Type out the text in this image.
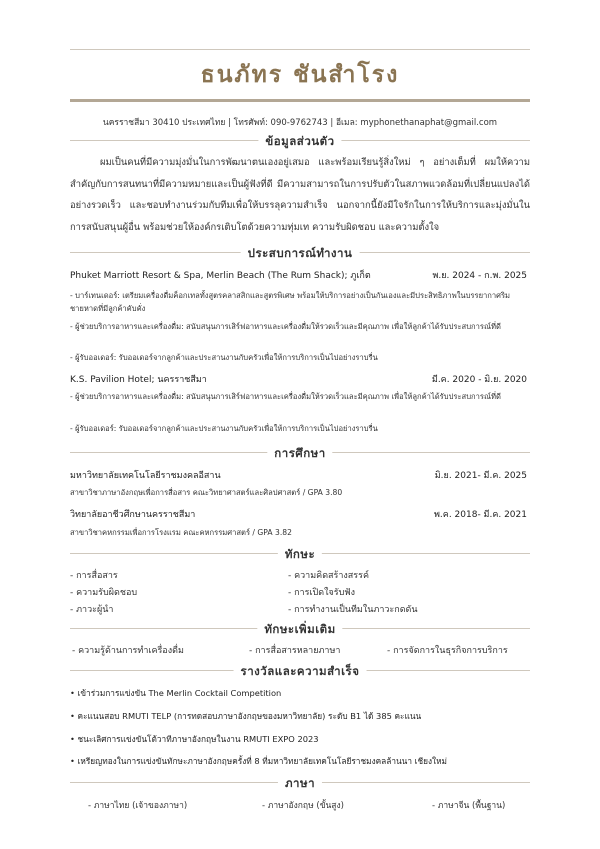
ธนภัทร ชันสำโรง
นครราชสีมา 30410 ประเทศไทย | โทรศัพท์: 090-9762743 | อีเมล: myphonethanaphat@gmail.com
ข้อมูลส่วนตัว
ผมเป็นคนที่มีความมุ่งมั่นในการพัฒนาตนเองอยู่เสมอ และพร้อมเรียนรู้สิ่งใหม่ ๆ อย่างเต็มที่ ผมให้ความสำคัญกับการสนทนาที่มีความหมายและเป็นผู้ฟังที่ดี มีความสามารถในการปรับตัวในสภาพแวดล้อมที่เปลี่ยนแปลงได้อย่างรวดเร็ว และชอบทำงานร่วมกับทีมเพื่อให้บรรลุความสำเร็จ นอกจากนี้ยังมีใจรักในการให้บริการและมุ่งมั่นในการสนับสนุนผู้อื่น พร้อมช่วยให้องค์กรเติบโตด้วยความทุ่มเท ความรับผิดชอบ และความตั้งใจ
ประสบการณ์ทำงาน
Phuket Marriott Resort & Spa, Merlin Beach (The Rum Shack); ภูเก็ต	พ.ย. 2024 - ก.พ. 2025
- บาร์เทนเดอร์: เตรียมเครื่องดื่มค็อกเทลทั้งสูตรคลาสสิกและสูตรพิเศษ พร้อมให้บริการอย่างเป็นกันเองและมีประสิทธิภาพในบรรยากาศริมชายหาดที่มีลูกค้าคับคั่ง
- ผู้ช่วยบริการอาหารและเครื่องดื่ม: สนับสนุนการเสิร์ฟอาหารและเครื่องดื่มให้รวดเร็วและมีคุณภาพ เพื่อให้ลูกค้าได้รับประสบการณ์ที่ดี
- ผู้รับออเดอร์: รับออเดอร์จากลูกค้าและประสานงานกับครัวเพื่อให้การบริการเป็นไปอย่างราบรื่น
K.S. Pavilion Hotel; นครราชสีมา	มี.ค. 2020 - มิ.ย. 2020
- ผู้ช่วยบริการอาหารและเครื่องดื่ม: สนับสนุนการเสิร์ฟอาหารและเครื่องดื่มให้รวดเร็วและมีคุณภาพ เพื่อให้ลูกค้าได้รับประสบการณ์ที่ดี
- ผู้รับออเดอร์: รับออเดอร์จากลูกค้าและประสานงานกับครัวเพื่อให้การบริการเป็นไปอย่างราบรื่น
การศึกษา
มหาวิทยาลัยเทคโนโลยีราชมงคลอีสาน	มิ.ย. 2021- มี.ค. 2025
สาขาวิชาภาษาอังกฤษเพื่อการสื่อสาร คณะวิทยาศาสตร์และศิลปศาสตร์ / GPA 3.80
วิทยาลัยอาชีวศึกษานครราชสีมา	พ.ค. 2018- มี.ค. 2021
สาขาวิชาคหกรรมเพื่อการโรงแรม คณะคหกรรมศาสตร์ / GPA 3.82
ทักษะ
- การสื่อสาร	- ความคิดสร้างสรรค์
- ความรับผิดชอบ	- การเปิดใจรับฟัง
- ภาวะผู้นำ	- การทำงานเป็นทีมในภาวะกดดัน
ทักษะเพิ่มเติม
- ความรู้ด้านการทำเครื่องดื่ม	- การสื่อสารหลายภาษา	- การจัดการในธุรกิจการบริการ
รางวัลและความสำเร็จ
• เข้าร่วมการแข่งขัน The Merlin Cocktail Competition
• คะแนนสอบ RMUTI TELP (การทดสอบภาษาอังกฤษของมหาวิทยาลัย) ระดับ B1 ได้ 385 คะแนน
• ชนะเลิศการแข่งขันโต้วาทีภาษาอังกฤษในงาน RMUTI EXPO 2023
• เหรียญทองในการแข่งขันทักษะภาษาอังกฤษครั้งที่ 8 ที่มหาวิทยาลัยเทคโนโลยีราชมงคลล้านนา เชียงใหม่
ภาษา
- ภาษาไทย (เจ้าของภาษา)	- ภาษาอังกฤษ (ขั้นสูง)	- ภาษาจีน (พื้นฐาน)
